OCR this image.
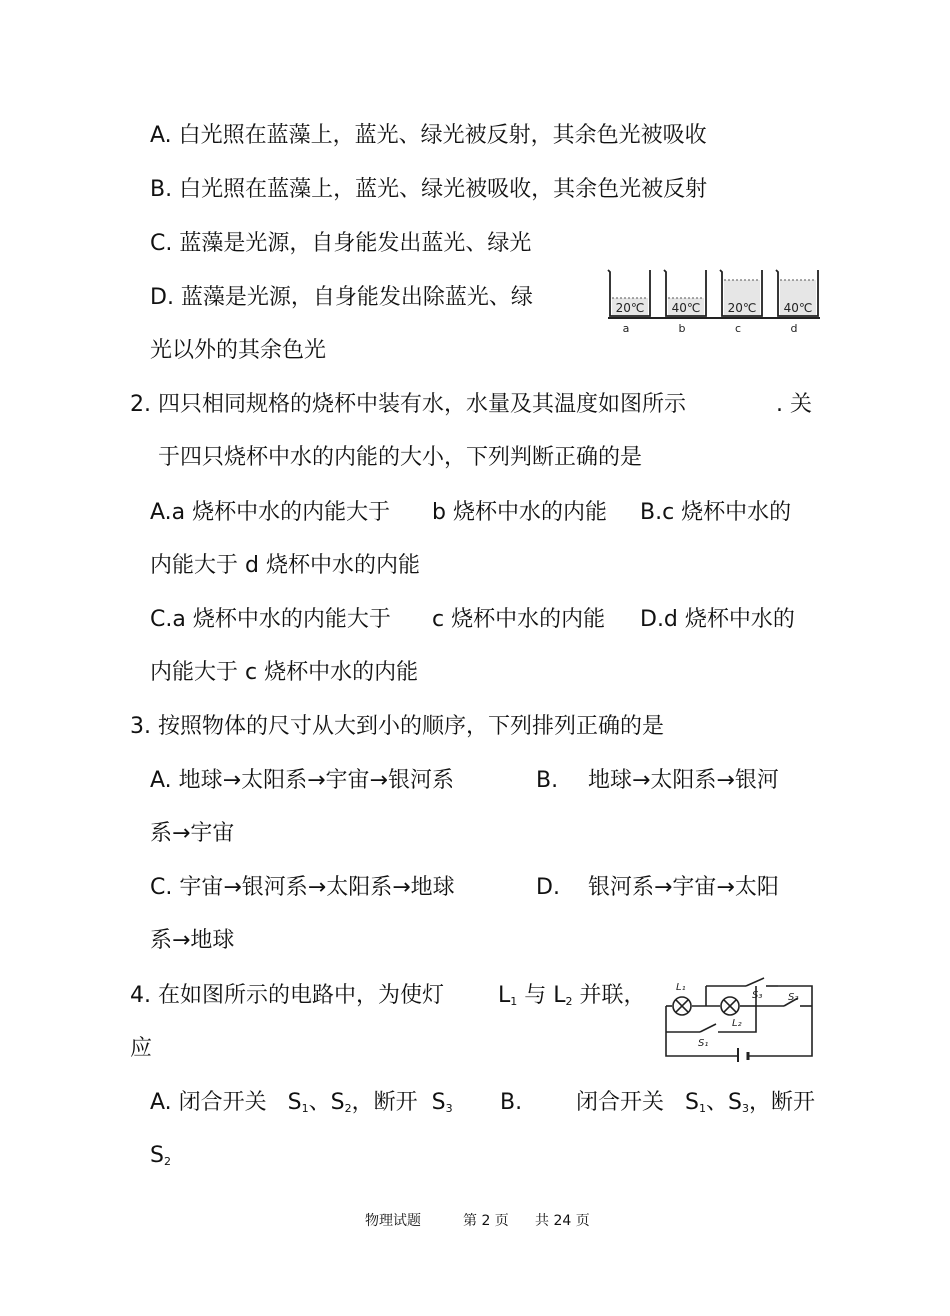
A. 白光照在蓝藻上，蓝光、绿光被反射，其余色光被吸收
B. 白光照在蓝藻上，蓝光、绿光被吸收，其余色光被反射
C. 蓝藻是光源，自身能发出蓝光、绿光
D. 蓝藻是光源，自身能发出除蓝光、绿
光以外的其余色光
20℃
a
40℃
b
20℃
c
40℃
d
2. 四只相同规格的烧杯中装有水，水量及其温度如图所示	. 关
于四只烧杯中水的内能的大小，下列判断正确的是
A.a 烧杯中水的内能大于 b 烧杯中水的内能 B.c 烧杯中水的
内能大于 d 烧杯中水的内能
C.a 烧杯中水的内能大于 c 烧杯中水的内能 D.d 烧杯中水的
内能大于 c 烧杯中水的内能
3. 按照物体的尺寸从大到小的顺序，下列排列正确的是
A. 地球→太阳系→宇宙→银河系	B. 地球→太阳系→银河
系→宇宙
C. 宇宙→银河系→太阳系→地球	D. 银河系→宇宙→太阳
系→地球
4. 在如图所示的电路中，为使灯 $L_1$ 与 $L_2$ 并联，
应
A. 闭合开关 $S_1$、$S_2$，断开 $S_3$ B. 闭合开关 $S_1$、$S_3$，断开
$S_2$
L₁
L₂
S₁
S₂
S₃
物理试题	第 2 页 共 24 页
